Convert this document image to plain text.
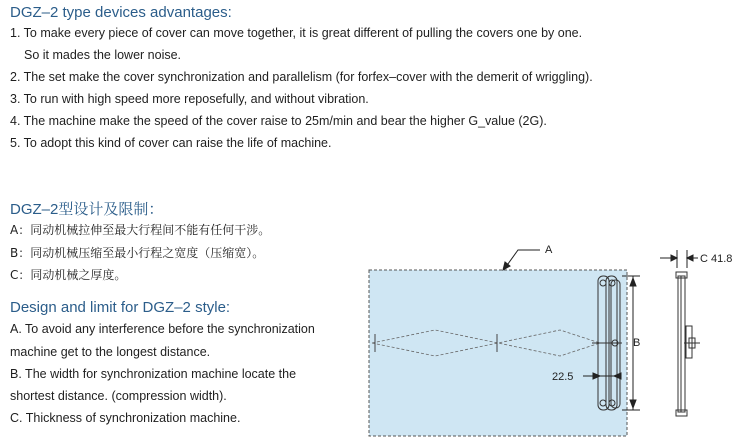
DGZ–2 type devices advantages:
1. To make every piece of cover can move together, it is great different of pulling the covers one by one.
So it mades the lower noise.
2. The set make the cover synchronization and parallelism (for forfex–cover with the demerit of wriggling).
3. To run with high speed more reposefully, and without vibration.
4. The machine make the speed of the cover raise to 25m/min and bear the higher G_value (2G).
5. To adopt this kind of cover can raise the life of machine.
DGZ–2型设计及限制：
A：同动机械拉伸至最大行程间不能有任何干涉。
B：同动机械压缩至最小行程之宽度（压缩宽）。
C：同动机械之厚度。
Design and limit for DGZ–2 style:
A. To avoid any interference before the synchronization
machine get to the longest distance.
B. The width for synchronization machine locate the
shortest distance. (compression width).
C. Thickness of synchronization machine.
B
22.5
A
C 41.8
